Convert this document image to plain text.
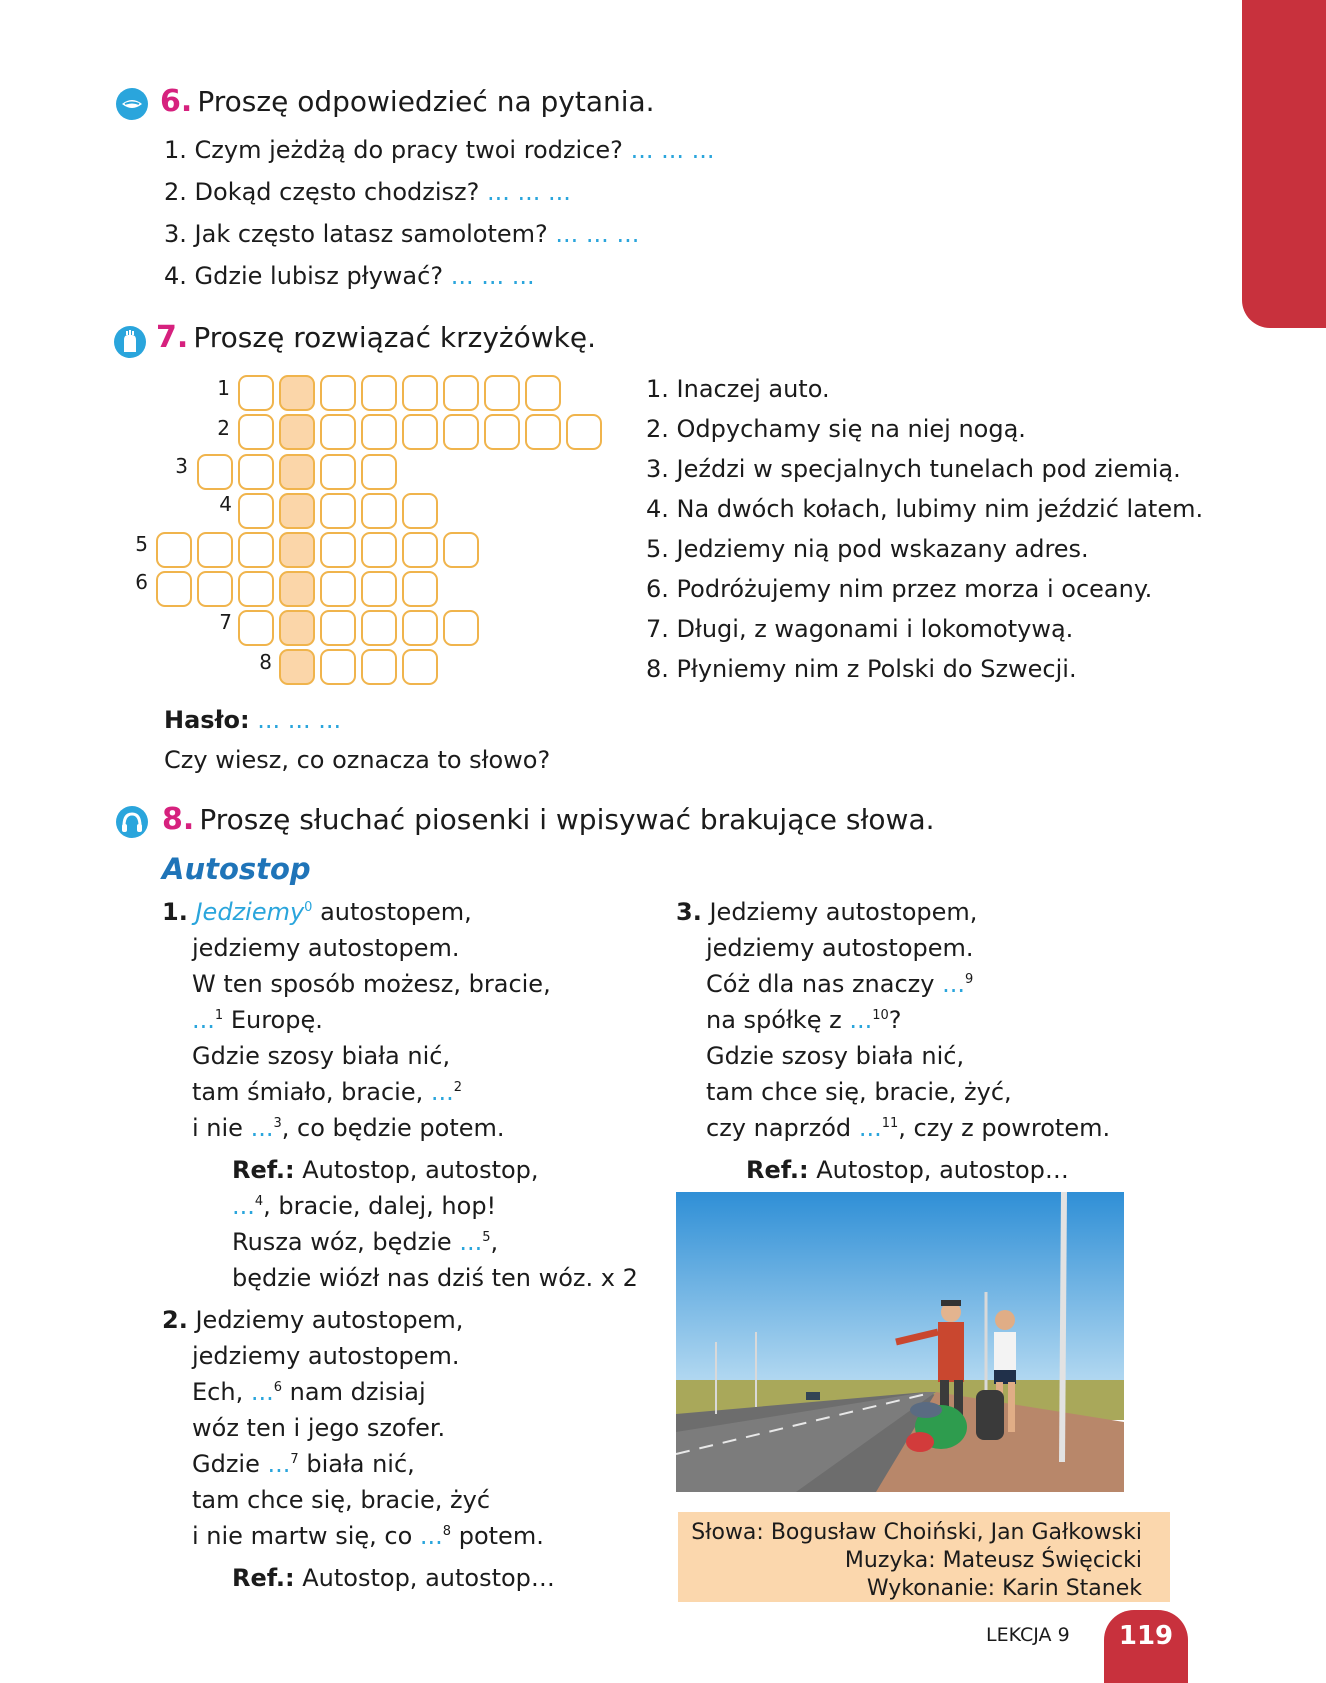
6. Proszę odpowiedzieć na pytania.
1. Czym jeżdżą do pracy twoi rodzice? ... ... ...
2. Dokąd często chodzisz? ... ... ...
3. Jak często latasz samolotem? ... ... ...
4. Gdzie lubisz pływać? ... ... ...
7. Proszę rozwiązać krzyżówkę.
1
2
3
4
5
6
7
8
1. Inaczej auto.
2. Odpychamy się na niej nogą.
3. Jeździ w specjalnych tunelach pod ziemią.
4. Na dwóch kołach, lubimy nim jeździć latem.
5. Jedziemy nią pod wskazany adres.
6. Podróżujemy nim przez morza i oceany.
7. Długi, z wagonami i lokomotywą.
8. Płyniemy nim z Polski do Szwecji.
Hasło: ... ... ...
Czy wiesz, co oznacza to słowo?
8. Proszę słuchać piosenki i wpisywać brakujące słowa.
Autostop
1. Jedziemy$^0$ autostopem,
jedziemy autostopem.
W ten sposób możesz, bracie,
...$^1$ Europę.
Gdzie szosy biała nić,
tam śmiało, bracie, ...$^2$
i nie ...$^3$, co będzie potem.
Ref.: Autostop, autostop,
...$^4$, bracie, dalej, hop!
Rusza wóz, będzie ...$^5$,
będzie wiózł nas dziś ten wóz. x 2
2. Jedziemy autostopem,
jedziemy autostopem.
Ech, ...$^6$ nam dzisiaj
wóz ten i jego szofer.
Gdzie ...$^7$ biała nić,
tam chce się, bracie, żyć
i nie martw się, co ...$^8$ potem.
Ref.: Autostop, autostop…
3. Jedziemy autostopem,
jedziemy autostopem.
Cóż dla nas znaczy ...$^9$
na spółkę z ...$^{10}$?
Gdzie szosy biała nić,
tam chce się, bracie, żyć,
czy naprzód ...$^{11}$, czy z powrotem.
Ref.: Autostop, autostop…
Słowa: Bogusław Choiński, Jan Gałkowski
Muzyka: Mateusz Święcicki
Wykonanie: Karin Stanek
LEKCJA 9	119
